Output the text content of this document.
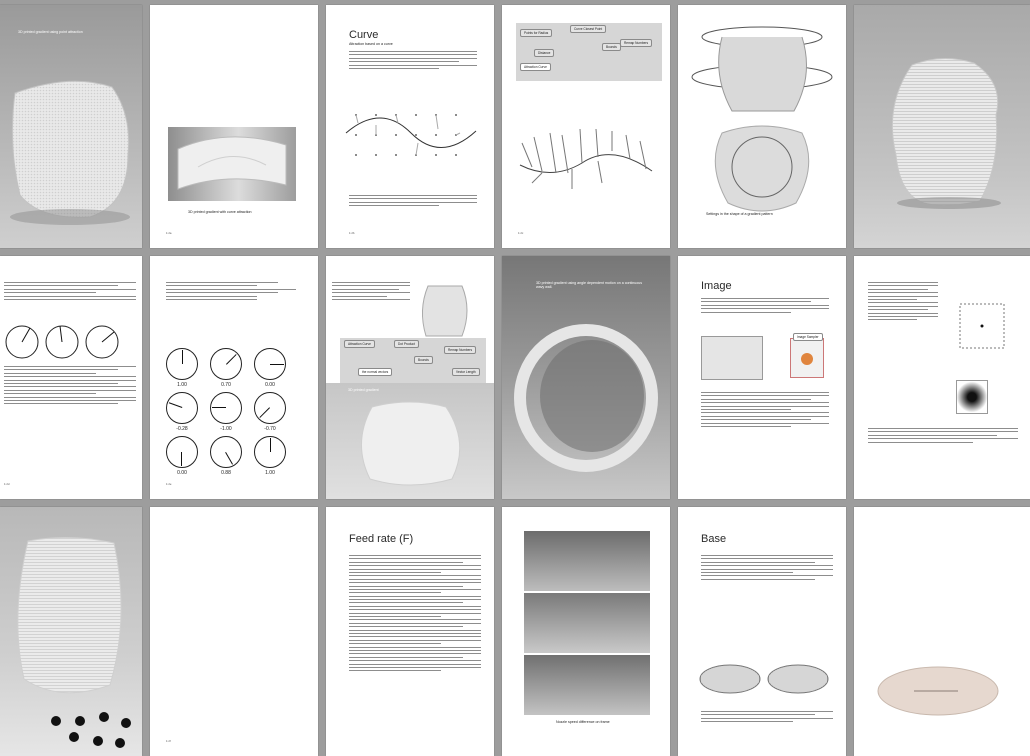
3D printed gradient using point attraction
3D printed gradient with curve attraction
1:2a
Curve
Attraction based on a curve
1:2b
Points for Radius
Curve Closest Point
Bounds
Remap Numbers
Attraction Curve
Distance
1:2c
Settings in the shape of a gradient pattern
1:2d	1:2e
1.00	0.70	0.00
-0.28	-1.00	-0.70
0.00	0.88	1.00
Attraction Curve	Dot Product
Bounds
Remap Numbers
Vector Length
the normal vectors
3D printed gradient
3D printed gradient using angle dependent motion on a continuous wavy wall.	Image
Image Sampler
1:2f
Feed rate (F)
Nozzle speed difference on frame
Base
